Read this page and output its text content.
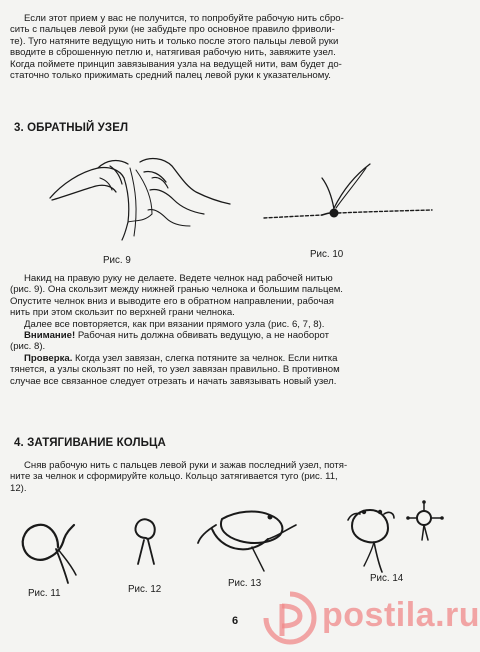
Если этот прием у вас не получится, то попробуйте рабочую нить сбро-
сить с пальцев левой руки (не забудьте про основное правило фриволи-
те). Туго натяните ведущую нить и только после этого пальцы левой руки
вводите в сброшенную петлю и, натягивая рабочую нить, завяжите узел.
Когда поймете принцип завязывания узла на ведущей нити, вам будет до-
статочно только прижимать средний палец левой руки к указательному.
3. ОБРАТНЫЙ УЗЕЛ
Рис. 9
Рис. 10
Накид на правую руку не делаете. Ведете челнок над рабочей нитью
(рис. 9). Она скользит между нижней гранью челнока и большим пальцем.
Опустите челнок вниз и выводите его в обратном направлении, рабочая
нить при этом скользит по верхней грани челнока.
Далее все повторяется, как при вязании прямого узла (рис. 6, 7, 8).
Внимание! Рабочая нить должна обвивать ведущую, а не наоборот
(рис. 8).
Проверка. Когда узел завязан, слегка потяните за челнок. Если нитка
тянется, а узлы скользят по ней, то узел завязан правильно. В противном
случае все связанное следует отрезать и начать завязывать новый узел.
4. ЗАТЯГИВАНИЕ КОЛЬЦА
Сняв рабочую нить с пальцев левой руки и зажав последний узел, потя-
ните за челнок и сформируйте кольцо. Кольцо затягивается туго (рис. 11,
12).
Рис. 11	Рис. 12
Рис. 13	Рис. 14
6 postila.ru
